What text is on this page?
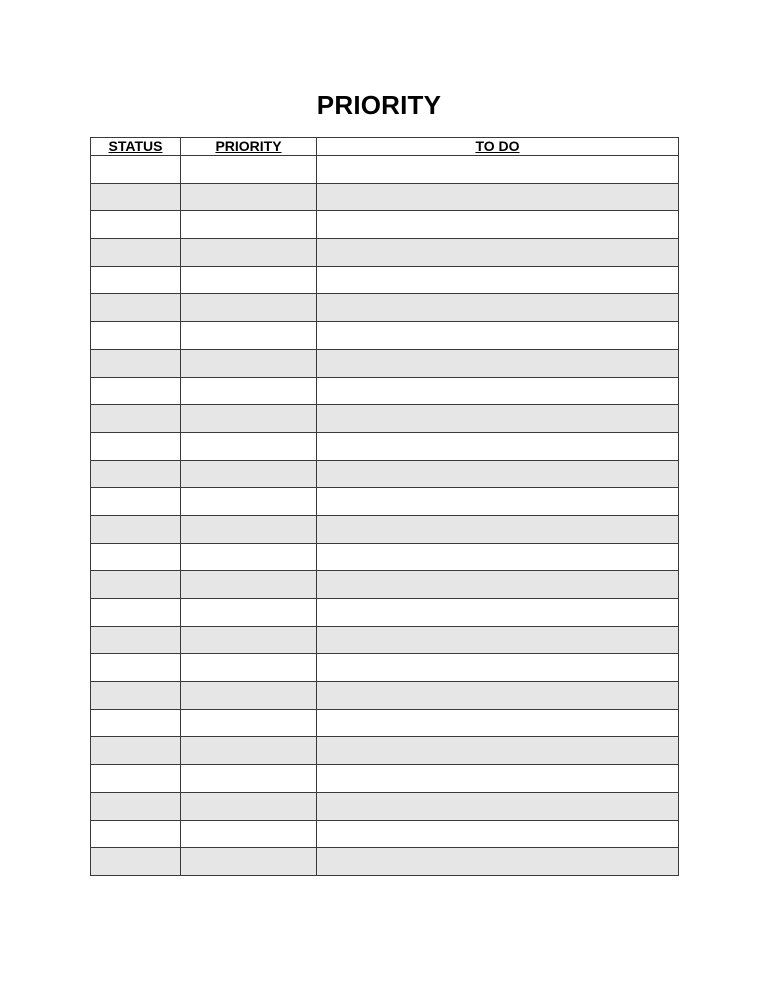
PRIORITY
STATUS	PRIORITY	TO DO
